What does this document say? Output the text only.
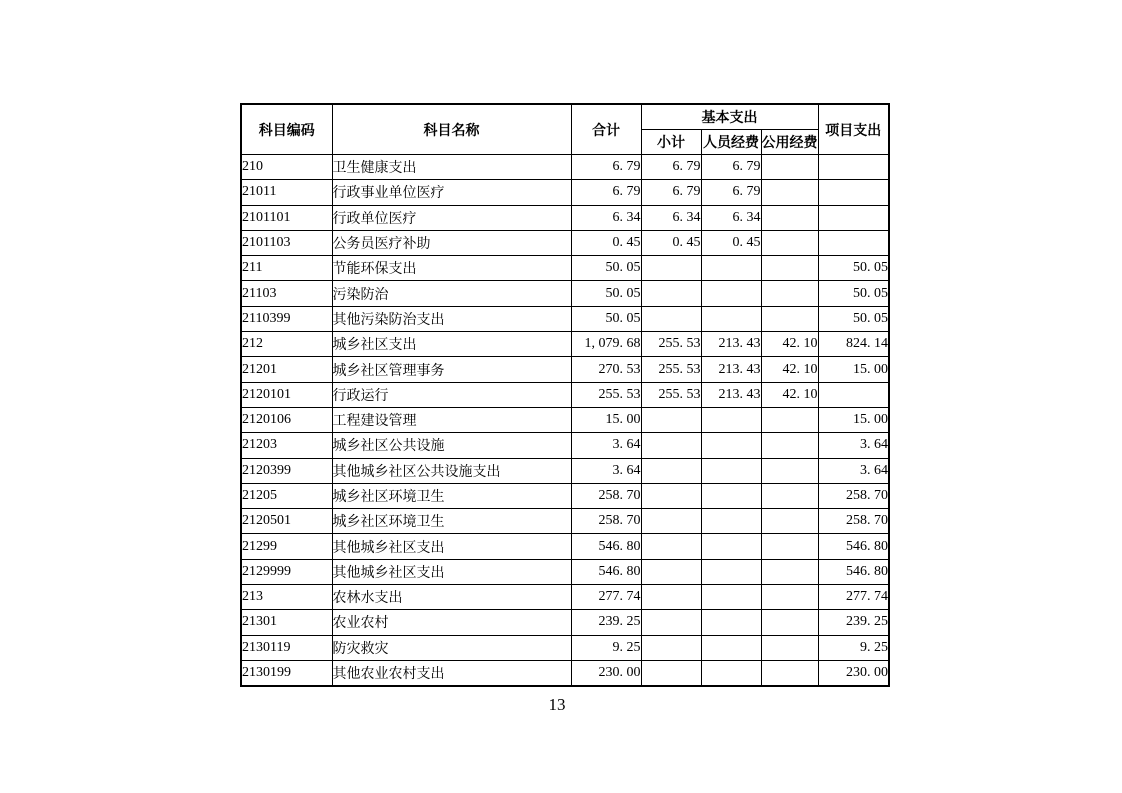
科目编码	科目名称	合计	基本支出			项目支出
			小计	人员经费	公用经费	
210	卫生健康支出	6. 79	6. 79	6. 79		
21011	行政事业单位医疗	6. 79	6. 79	6. 79		
2101101	行政单位医疗	6. 34	6. 34	6. 34		
2101103	公务员医疗补助	0. 45	0. 45	0. 45		
211	节能环保支出	50. 05				50. 05
21103	污染防治	50. 05				50. 05
2110399	其他污染防治支出	50. 05				50. 05
212	城乡社区支出	1, 079. 68	255. 53	213. 43	42. 10	824. 14
21201	城乡社区管理事务	270. 53	255. 53	213. 43	42. 10	15. 00
2120101	行政运行	255. 53	255. 53	213. 43	42. 10	
2120106	工程建设管理	15. 00				15. 00
21203	城乡社区公共设施	3. 64				3. 64
2120399	其他城乡社区公共设施支出	3. 64				3. 64
21205	城乡社区环境卫生	258. 70				258. 70
2120501	城乡社区环境卫生	258. 70				258. 70
21299	其他城乡社区支出	546. 80				546. 80
2129999	其他城乡社区支出	546. 80				546. 80
213	农林水支出	277. 74				277. 74
21301	农业农村	239. 25				239. 25
2130119	防灾救灾	9. 25				9. 25
2130199	其他农业农村支出	230. 00				230. 00
13
